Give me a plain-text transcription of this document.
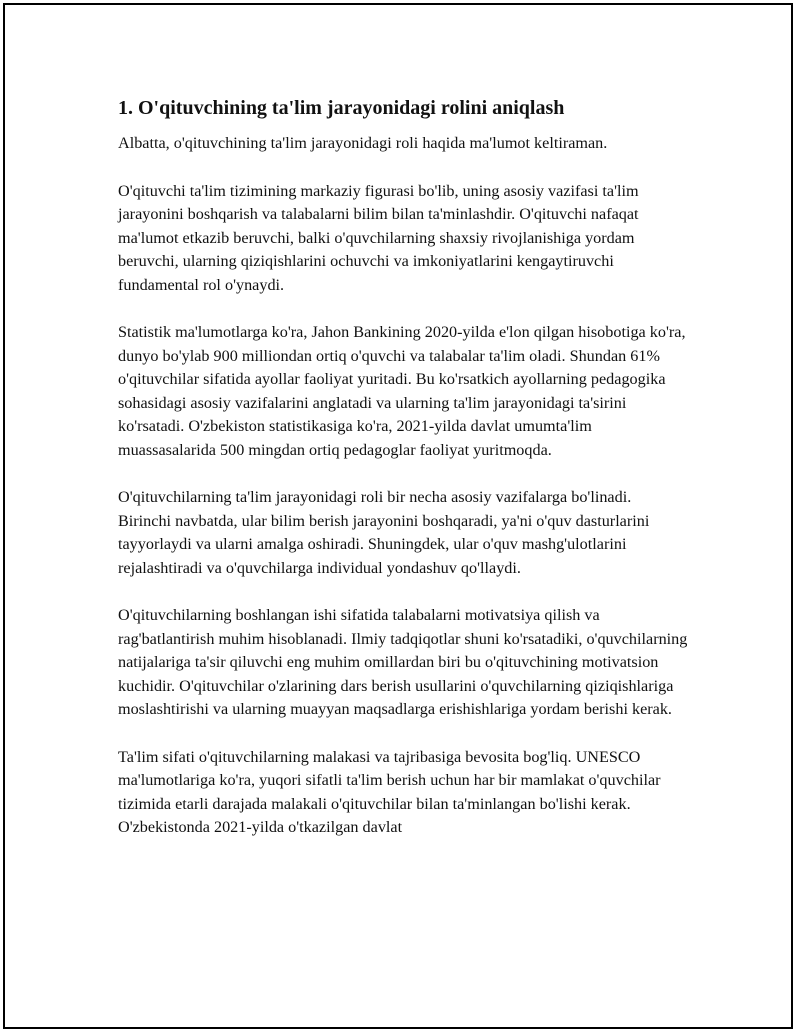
1. O'qituvchining ta'lim jarayonidagi rolini aniqlash

Albatta, o'qituvchining ta'lim jarayonidagi roli haqida ma'lumot keltiraman.

O'qituvchi ta'lim tizimining markaziy figurasi bo'lib, uning asosiy vazifasi ta'lim jarayonini boshqarish va talabalarni bilim bilan ta'minlashdir. O'qituvchi nafaqat ma'lumot etkazib beruvchi, balki o'quvchilarning shaxsiy rivojlanishiga yordam beruvchi, ularning qiziqishlarini ochuvchi va imkoniyatlarini kengaytiruvchi fundamental rol o'ynaydi.

Statistik ma'lumotlarga ko'ra, Jahon Bankining 2020-yilda e'lon qilgan hisobotiga ko'ra, dunyo bo'ylab 900 milliondan ortiq o'quvchi va talabalar ta'lim oladi. Shundan 61% o'qituvchilar sifatida ayollar faoliyat yuritadi. Bu ko'rsatkich ayollarning pedagogika sohasidagi asosiy vazifalarini anglatadi va ularning ta'lim jarayonidagi ta'sirini ko'rsatadi. O'zbekiston statistikasiga ko'ra, 2021-yilda davlat umumta'lim muassasalarida 500 mingdan ortiq pedagoglar faoliyat yuritmoqda.

O'qituvchilarning ta'lim jarayonidagi roli bir necha asosiy vazifalarga bo'linadi. Birinchi navbatda, ular bilim berish jarayonini boshqaradi, ya'ni o'quv dasturlarini tayyorlaydi va ularni amalga oshiradi. Shuningdek, ular o'quv mashg'ulotlarini rejalashtiradi va o'quvchilarga individual yondashuv qo'llaydi.

O'qituvchilarning boshlangan ishi sifatida talabalarni motivatsiya qilish va rag'batlantirish muhim hisoblanadi. Ilmiy tadqiqotlar shuni ko'rsatadiki, o'quvchilarning natijalariga ta'sir qiluvchi eng muhim omillardan biri bu o'qituvchining motivatsion kuchidir. O'qituvchilar o'zlarining dars berish usullarini o'quvchilarning qiziqishlariga moslashtirishi va ularning muayyan maqsadlarga erishishlariga yordam berishi kerak.

Ta'lim sifati o'qituvchilarning malakasi va tajribasiga bevosita bog'liq. UNESCO ma'lumotlariga ko'ra, yuqori sifatli ta'lim berish uchun har bir mamlakat o'quvchilar tizimida etarli darajada malakali o'qituvchilar bilan ta'minlangan bo'lishi kerak. O'zbekistonda 2021-yilda o'tkazilgan davlat
